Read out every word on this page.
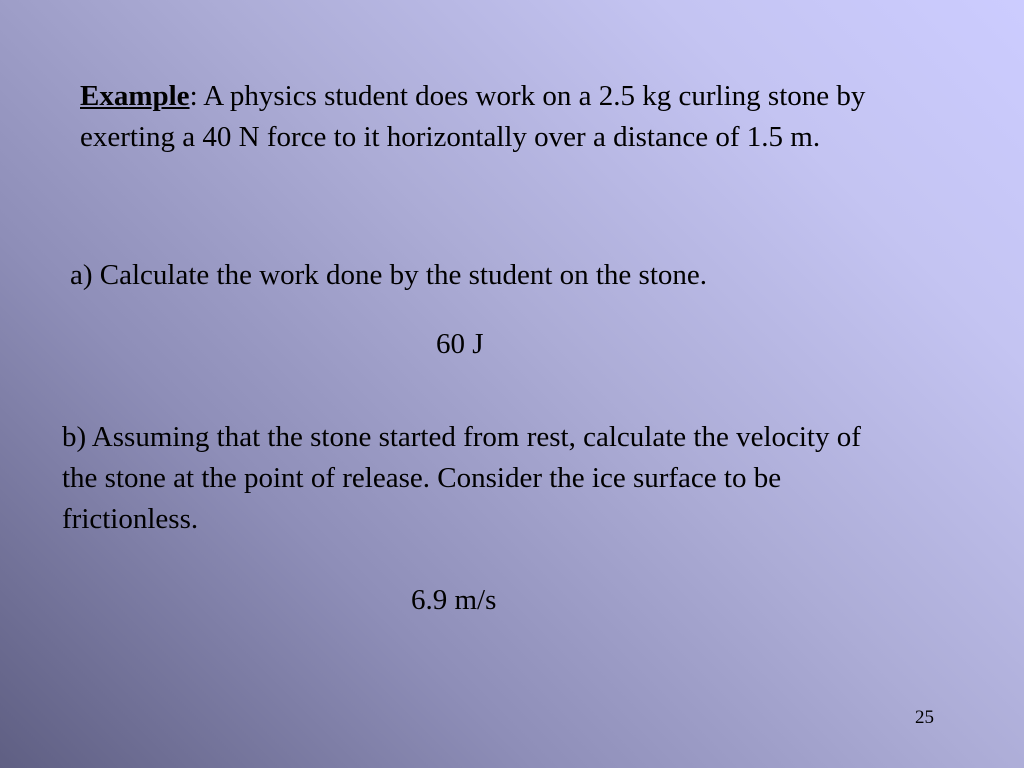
Example: A physics student does work on a 2.5 kg curling stone by exerting a 40 N force to it horizontally over a distance of 1.5 m.

a) Calculate the work done by the student on the stone.

60 J

b) Assuming that the stone started from rest, calculate the velocity of the stone at the point of release. Consider the ice surface to be frictionless.

6.9 m/s

25
